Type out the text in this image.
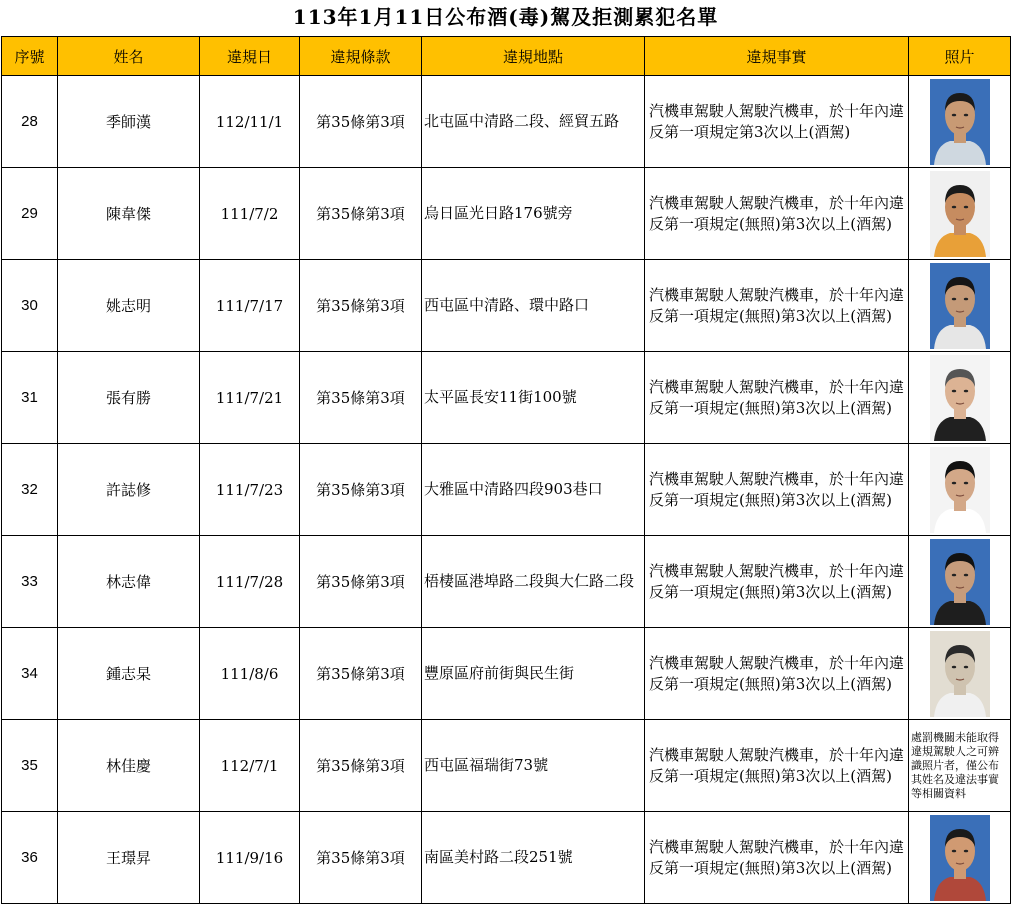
113年1月11日公布酒(毒)駕及拒測累犯名單
序號	姓名	違規日	違規條款	違規地點	違規事實	照片
28	季師漢	112/11/1	第35條第3項	北屯區中清路二段、經貿五路	汽機車駕駛人駕駛汽機車，於十年內違反第一項規定第3次以上(酒駕)	

29	陳韋傑	111/7/2	第35條第3項	烏日區光日路176號旁	汽機車駕駛人駕駛汽機車，於十年內違反第一項規定(無照)第3次以上(酒駕)	

30	姚志明	111/7/17	第35條第3項	西屯區中清路、環中路口	汽機車駕駛人駕駛汽機車，於十年內違反第一項規定(無照)第3次以上(酒駕)	

31	張有勝	111/7/21	第35條第3項	太平區長安11街100號	汽機車駕駛人駕駛汽機車，於十年內違反第一項規定(無照)第3次以上(酒駕)	

32	許誌修	111/7/23	第35條第3項	大雅區中清路四段903巷口	汽機車駕駛人駕駛汽機車，於十年內違反第一項規定(無照)第3次以上(酒駕)	

33	林志偉	111/7/28	第35條第3項	梧棲區港埠路二段與大仁路二段	汽機車駕駛人駕駛汽機車，於十年內違反第一項規定(無照)第3次以上(酒駕)	

34	鍾志杲	111/8/6	第35條第3項	豐原區府前街與民生街	汽機車駕駛人駕駛汽機車，於十年內違反第一項規定(無照)第3次以上(酒駕)	

35	林佳慶	112/7/1	第35條第3項	西屯區福瑞街73號	汽機車駕駛人駕駛汽機車，於十年內違反第一項規定(無照)第3次以上(酒駕)	處罰機關未能取得違規駕駛人之可辨識照片者，僅公布 其姓名及違法事實等相關資料

36	王璟昇	111/9/16	第35條第3項	南區美村路二段251號	汽機車駕駛人駕駛汽機車，於十年內違反第一項規定(無照)第3次以上(酒駕)	
